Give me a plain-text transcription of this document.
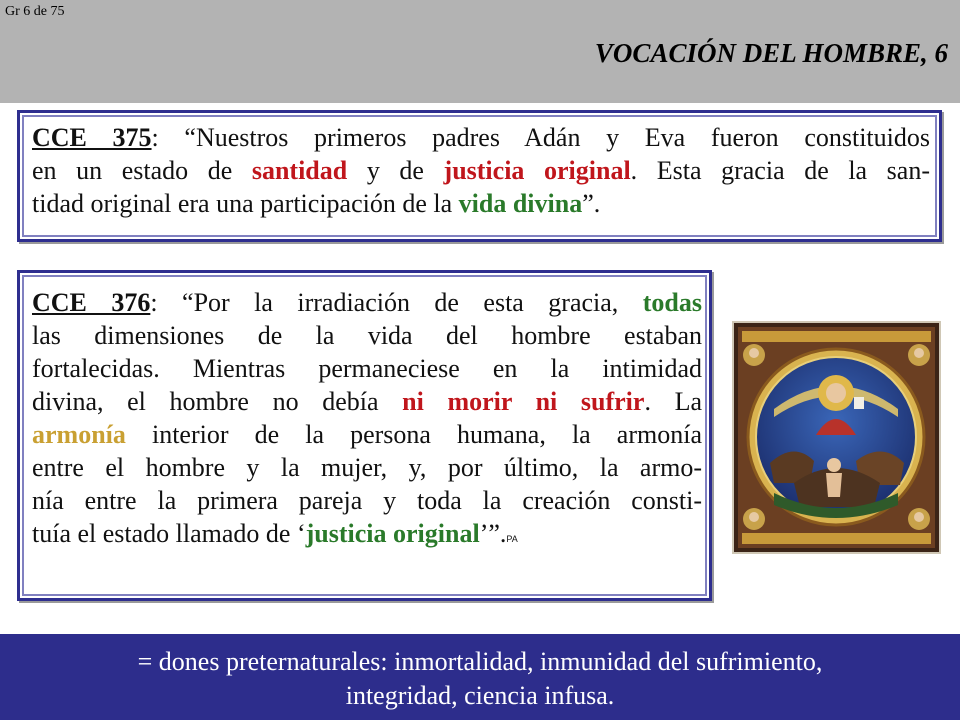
Gr 6 de 75
VOCACIÓN DEL HOMBRE, 6

CCE 375: “Nuestros primeros padres Adán y Eva fueron constituidos
en un estado de santidad y de justicia original. Esta gracia de la san-
tidad original era una participación de la vida divina”.

CCE 376: “Por la irradiación de esta gracia, todas
las dimensiones de la vida del hombre estaban
fortalecidas. Mientras permaneciese en la intimidad
divina, el hombre no debía ni morir ni sufrir. La
armonía interior de la persona humana, la armonía
entre el hombre y la mujer, y, por último, la armo-
nía entre la primera pareja y toda la creación consti-
tuía el estado llamado de ‘justicia original’”.PA

= dones preternaturales: inmortalidad, inmunidad del sufrimiento,
integridad, ciencia infusa.
